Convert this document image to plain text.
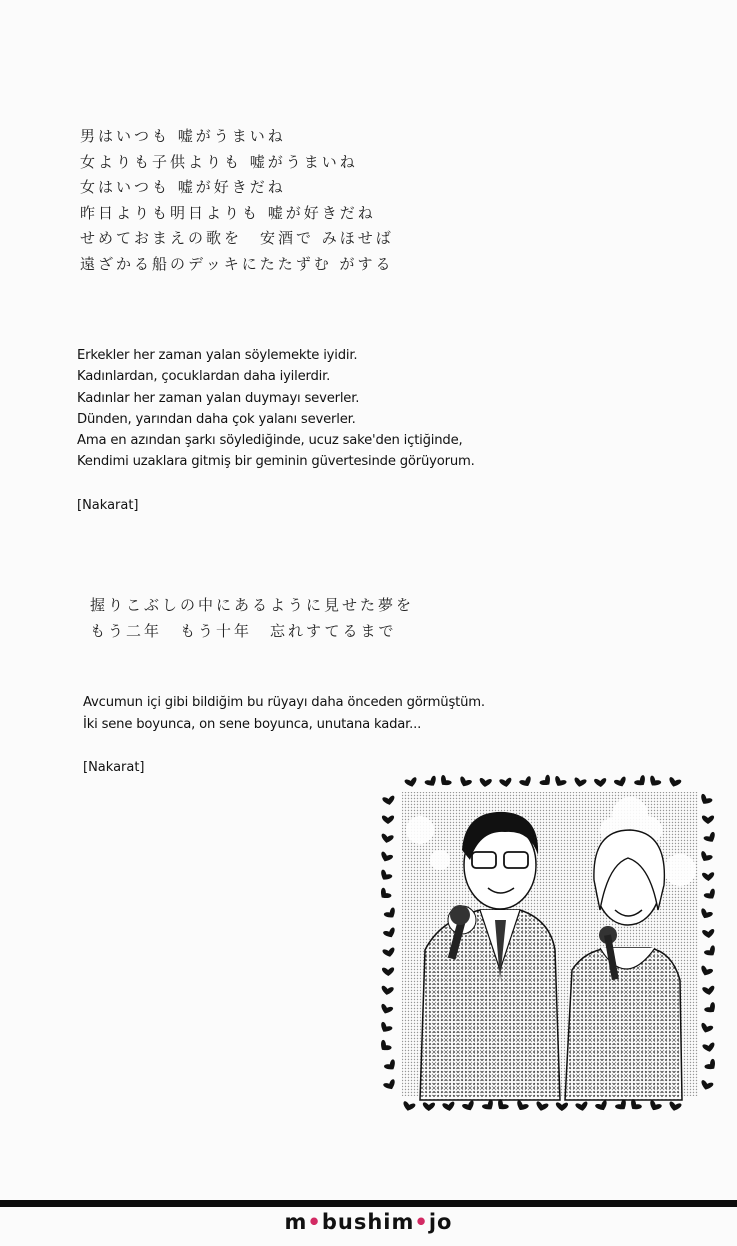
男はいつも 嘘がうまいね
女よりも子供よりも 嘘がうまいね
女はいつも 嘘が好きだね
昨日よりも明日よりも 嘘が好きだね
せめておまえの歌を　安酒で みほせば
遠ざかる船のデッキにたたずむ がする
Erkekler her zaman yalan söylemekte iyidir.
Kadınlardan, çocuklardan daha iyilerdir.
Kadınlar her zaman yalan duymayı severler.
Dünden, yarından daha çok yalanı severler.
Ama en azından şarkı söylediğinde, ucuz sake'den içtiğinde,
Kendimi uzaklara gitmiş bir geminin güvertesinde görüyorum.
[Nakarat]
握りこぶしの中にあるように見せた夢を
もう二年　もう十年　忘れすてるまで
Avcumun içi gibi bildiğim bu rüyayı daha önceden görmüştüm.
İki sene boyunca, on sene boyunca, unutana kadar...
[Nakarat]
m•bushim•jo
